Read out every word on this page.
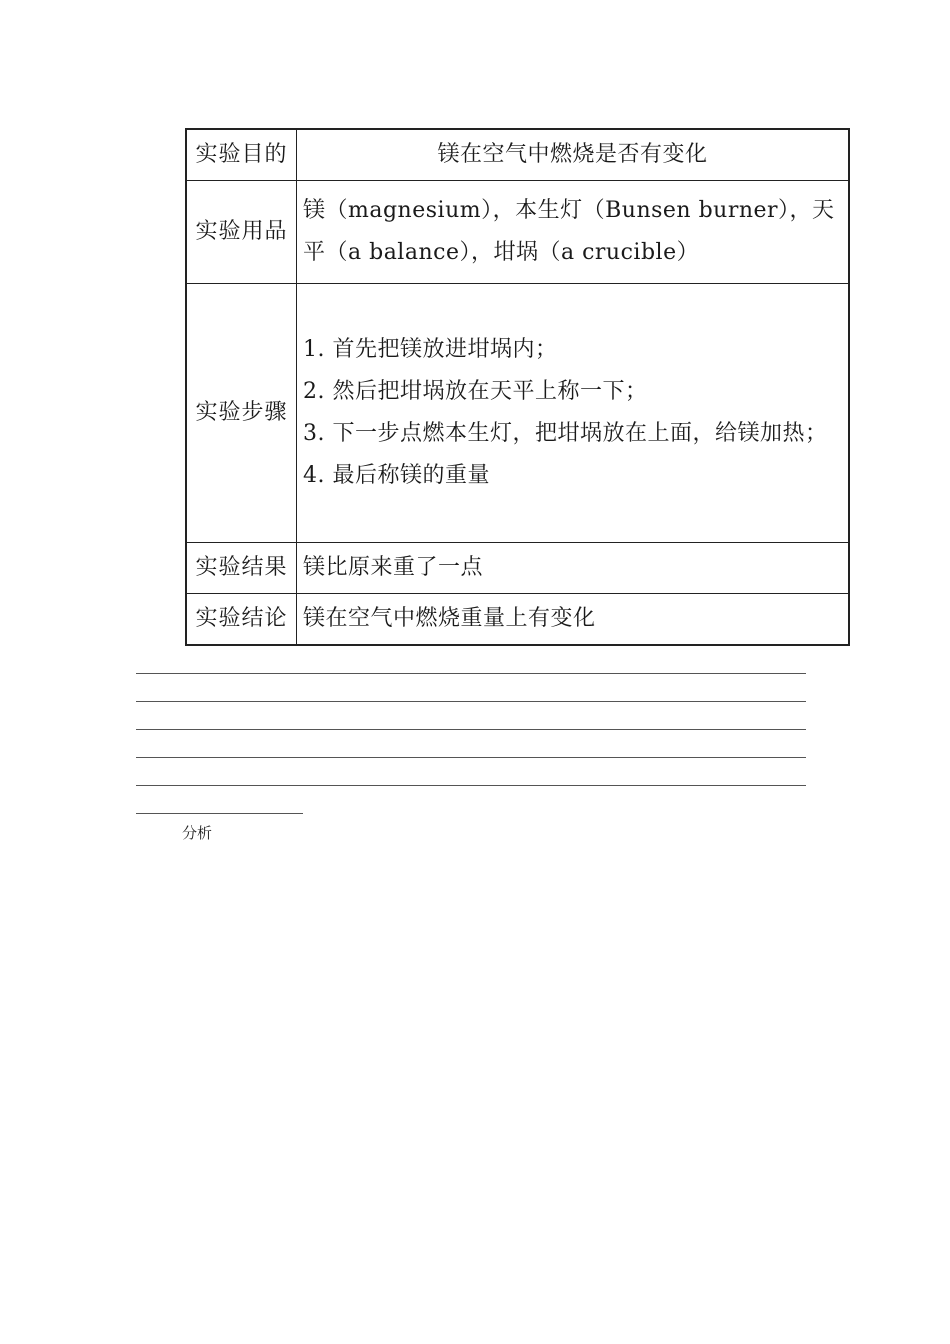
实验目的	镁在空气中燃烧是否有变化
实验用品	镁（magnesium），本生灯（Bunsen burner），天平（a balance），坩埚（a crucible）
实验步骤	1. 首先把镁放进坩埚内；
2. 然后把坩埚放在天平上称一下；
3. 下一步点燃本生灯，把坩埚放在上面，给镁加热；
4. 最后称镁的重量

实验结果	镁比原来重了一点
实验结论	镁在空气中燃烧重量上有变化
分析
